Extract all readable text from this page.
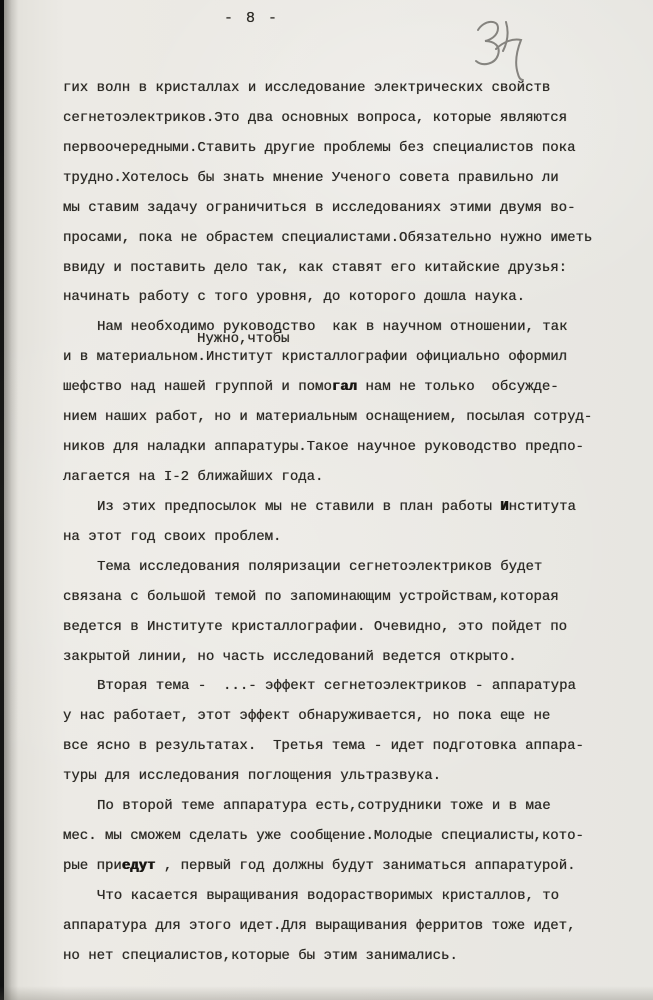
- 8 -
гих волн в кристаллах и исследование электрических свойств
сегнетоэлектриков.Это два основных вопроса, которые являются
первоочередными.Ставить другие проблемы без специалистов пока
трудно.Хотелось бы знать мнение Ученого совета правильно ли
мы ставим задачу ограничиться в исследованиях этими двумя во-
просами, пока не обрастем специалистами.Обязательно нужно иметь
ввиду и поставить дело так, как ставят его китайские друзья:
начинать работу с того уровня, до которого дошла наука.
Нам необходимо руководство  как в научном отношении, так
и в материальном.Институт кристаллографии официально оформил
Нужно,чтобы
шефство над нашей группой и помогал нам не только  обсужде-
нием наших работ, но и материальным оснащением, посылая сотруд-
ников для наладки аппаратуры.Такое научное руководство предпо-
лагается на I-2 ближайших года.
Из этих предпосылок мы не ставили в план работы Института
на этот год своих проблем.
Тема исследования поляризации сегнетоэлектриков будет
связана с большой темой по запоминающим устройствам,которая
ведется в Институте кристаллографии. Очевидно, это пойдет по
закрытой линии, но часть исследований ведется открыто.
Вторая тема -  ...- эффект сегнетоэлектриков - аппаратура
у нас работает, этот эффект обнаруживается, но пока еще не
все ясно в результатах.  Третья тема - идет подготовка аппара-
туры для исследования поглощения ультразвука.
По второй теме аппаратура есть,сотрудники тоже и в мае
мес. мы сможем сделать уже сообщение.Молодые специалисты,кото-
рые приедут , первый год должны будут заниматься аппаратурой.
Что касается выращивания водорастворимых кристаллов, то
аппаратура для этого идет.Для выращивания ферритов тоже идет,
но нет специалистов,которые бы этим занимались.
